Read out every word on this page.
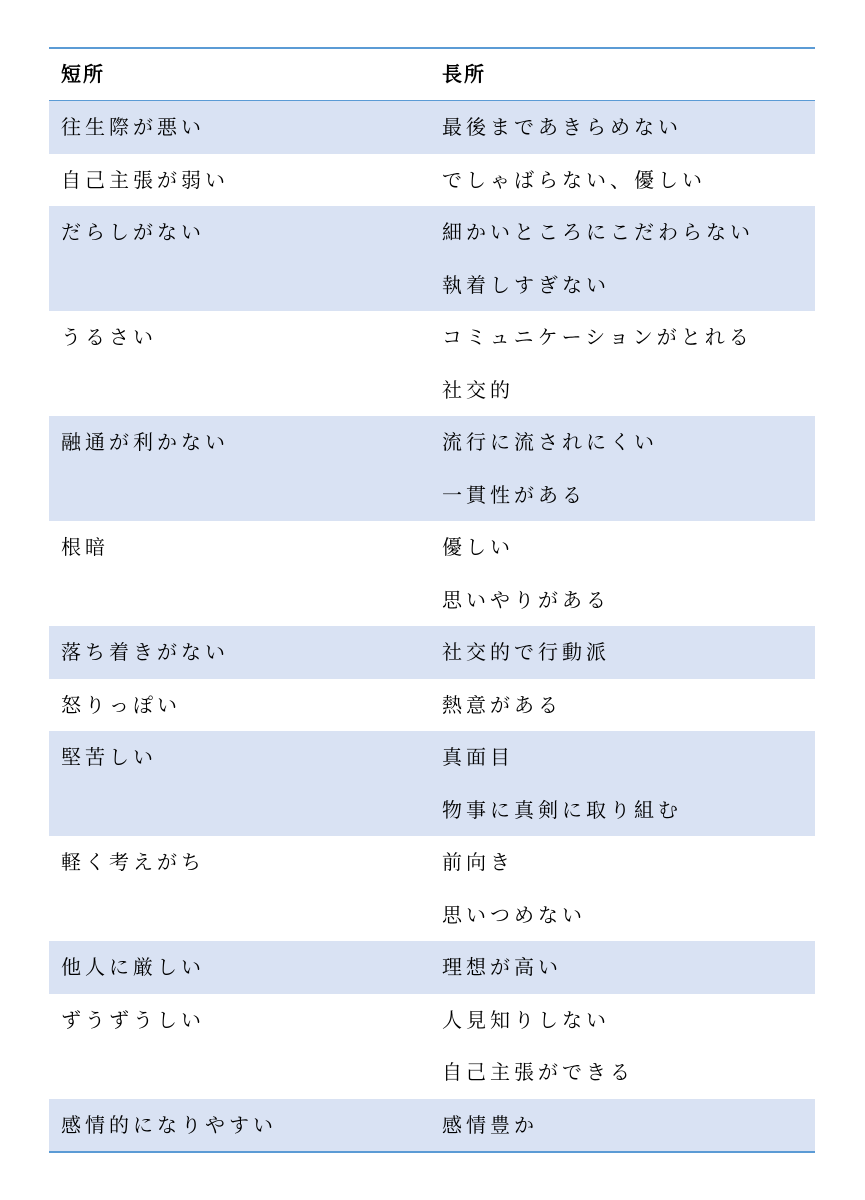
短所	長所
往生際が悪い	最後まであきらめない
自己主張が弱い	でしゃばらない、優しい
だらしがない	細かいところにこだわらない
執着しすぎない
うるさい	コミュニケーションがとれる
社交的
融通が利かない	流行に流されにくい
一貫性がある
根暗	優しい
思いやりがある
落ち着きがない	社交的で行動派
怒りっぽい	熱意がある
堅苦しい	真面目
物事に真剣に取り組む
軽く考えがち	前向き
思いつめない
他人に厳しい	理想が高い
ずうずうしい	人見知りしない
自己主張ができる
感情的になりやすい	感情豊か
